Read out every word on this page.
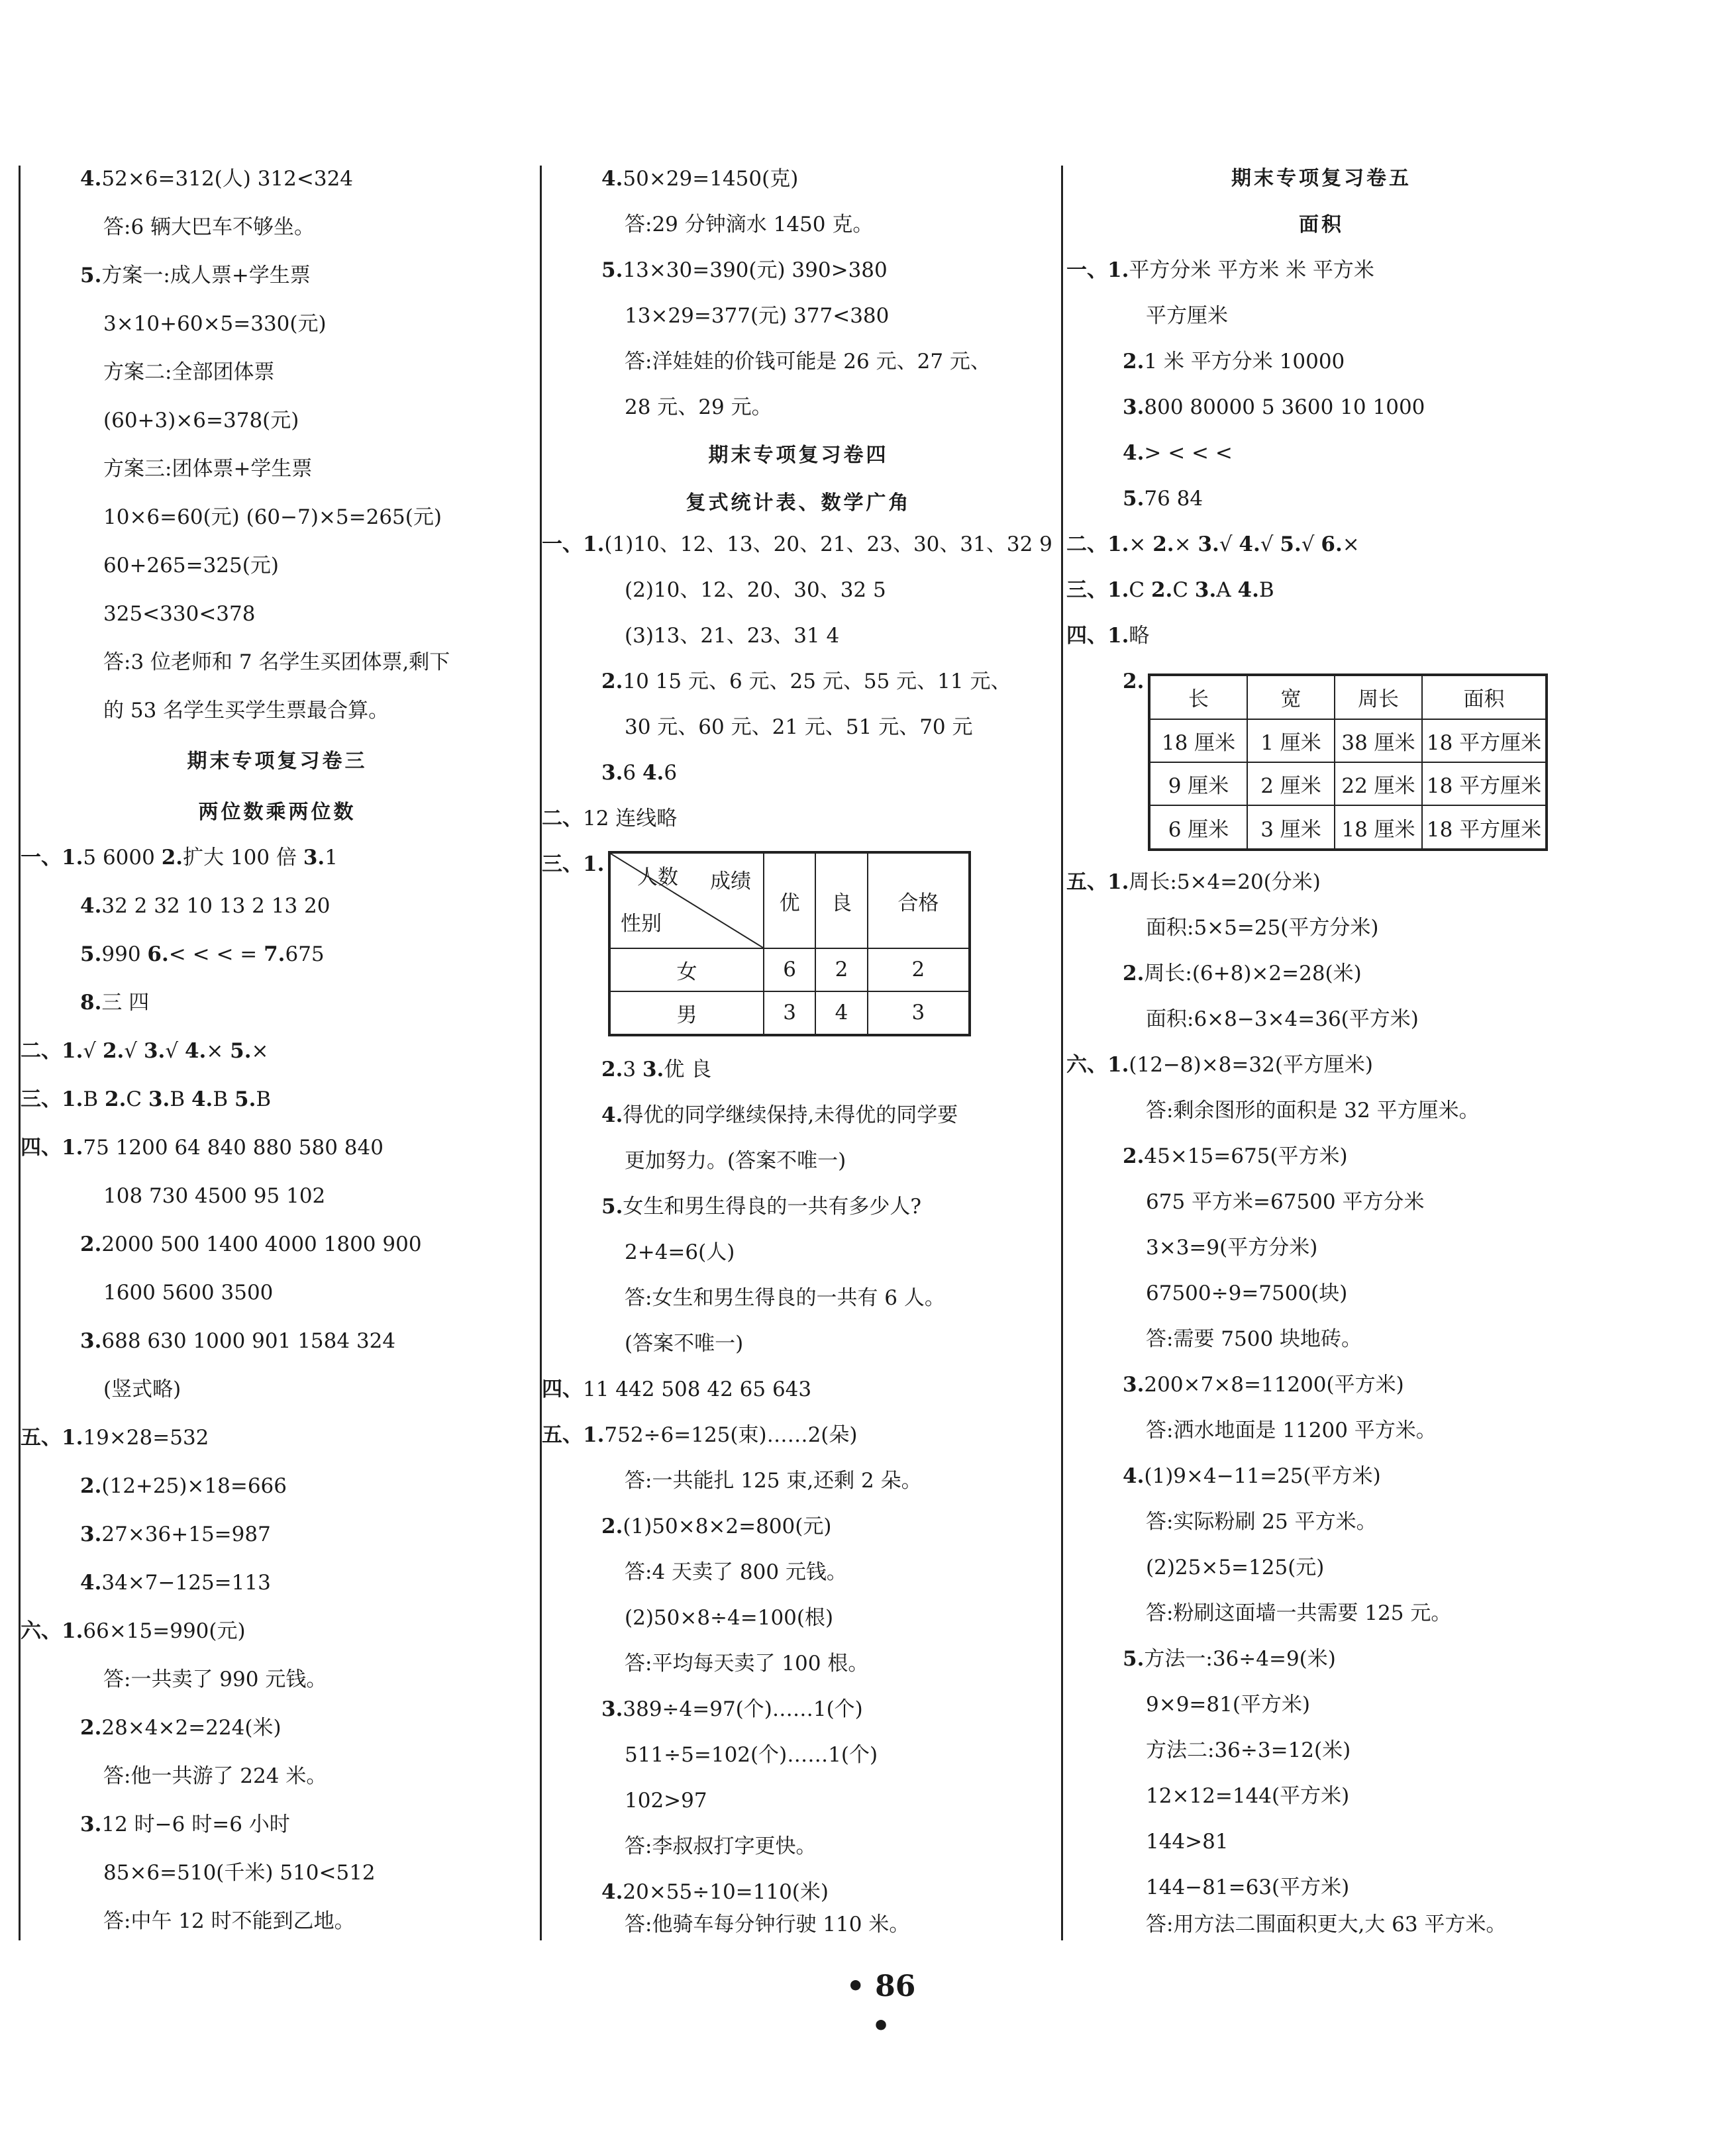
4.52×6=312(人) 312<324
答:6 辆大巴车不够坐。
5.方案一:成人票+学生票
3×10+60×5=330(元)
方案二:全部团体票
(60+3)×6=378(元)
方案三:团体票+学生票
10×6=60(元) (60−7)×5=265(元)
60+265=325(元)
325<330<378
答:3 位老师和 7 名学生买团体票,剩下
的 53 名学生买学生票最合算。
期末专项复习卷三
两位数乘两位数
一、1.5 6000 2.扩大 100 倍 3.1
4.32 2 32 10 13 2 13 20
5.990 6.< < < = 7.675
8.三 四
二、1.√ 2.√ 3.√ 4.× 5.×
三、1.B 2.C 3.B 4.B 5.B
四、1.75 1200 64 840 880 580 840
108 730 4500 95 102
2.2000 500 1400 4000 1800 900
1600 5600 3500
3.688 630 1000 901 1584 324
(竖式略)
五、1.19×28=532
2.(12+25)×18=666
3.27×36+15=987
4.34×7−125=113
六、1.66×15=990(元)
答:一共卖了 990 元钱。
2.28×4×2=224(米)
答:他一共游了 224 米。
3.12 时−6 时=6 小时
85×6=510(千米) 510<512
答:中午 12 时不能到乙地。
4.50×29=1450(克)
答:29 分钟滴水 1450 克。
5.13×30=390(元) 390>380
13×29=377(元) 377<380
答:洋娃娃的价钱可能是 26 元、27 元、
28 元、29 元。
期末专项复习卷四
复式统计表、数学广角
一、1.(1)10、12、13、20、21、23、30、31、32 9
(2)10、12、20、30、32 5
(3)13、21、23、31 4
2.10 15 元、6 元、25 元、55 元、11 元、
30 元、60 元、21 元、51 元、70 元
3.6 4.6
二、12 连线略
三、1.
人数 成绩
性别	优	良	合格
女	6	2	2
男	3	4	3
2.3 3.优 良
4.得优的同学继续保持,未得优的同学要
更加努力。(答案不唯一)
5.女生和男生得良的一共有多少人?
2+4=6(人)
答:女生和男生得良的一共有 6 人。
(答案不唯一)
四、11 442 508 42 65 643
五、1.752÷6=125(束)……2(朵)
答:一共能扎 125 束,还剩 2 朵。
2.(1)50×8×2=800(元)
答:4 天卖了 800 元钱。
(2)50×8÷4=100(根)
答:平均每天卖了 100 根。
3.389÷4=97(个)……1(个)
511÷5=102(个)……1(个)
102>97
答:李叔叔打字更快。
4.20×55÷10=110(米)
答:他骑车每分钟行驶 110 米。
期末专项复习卷五
面积
一、1.平方分米 平方米 米 平方米
平方厘米
2.1 米 平方分米 10000
3.800 80000 5 3600 10 1000
4.> < < <
5.76 84
二、1.× 2.× 3.√ 4.√ 5.√ 6.×
三、1.C 2.C 3.A 4.B
四、1.略
2.
长	宽	周长	面积
18 厘米	1 厘米	38 厘米	18 平方厘米
9 厘米	2 厘米	22 厘米	18 平方厘米
6 厘米	3 厘米	18 厘米	18 平方厘米
五、1.周长:5×4=20(分米)
面积:5×5=25(平方分米)
2.周长:(6+8)×2=28(米)
面积:6×8−3×4=36(平方米)
六、1.(12−8)×8=32(平方厘米)
答:剩余图形的面积是 32 平方厘米。
2.45×15=675(平方米)
675 平方米=67500 平方分米
3×3=9(平方分米)
67500÷9=7500(块)
答:需要 7500 块地砖。
3.200×7×8=11200(平方米)
答:洒水地面是 11200 平方米。
4.(1)9×4−11=25(平方米)
答:实际粉刷 25 平方米。
(2)25×5=125(元)
答:粉刷这面墙一共需要 125 元。
5.方法一:36÷4=9(米)
9×9=81(平方米)
方法二:36÷3=12(米)
12×12=144(平方米)
144>81
144−81=63(平方米)
答:用方法二围面积更大,大 63 平方米。
• 86 •
